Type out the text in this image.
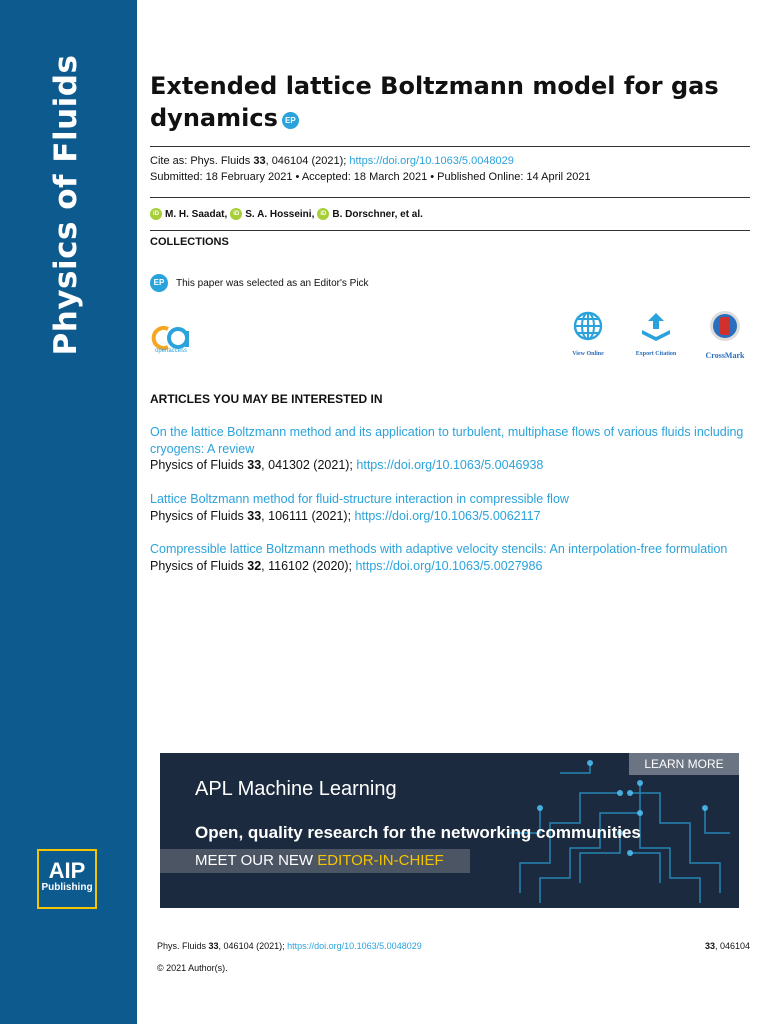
Physics of Fluids
AIP
Publishing
Extended lattice Boltzmann model for gas
dynamics EP
Cite as: Phys. Fluids 33, 046104 (2021); https://doi.org/10.1063/5.0048029
Submitted: 18 February 2021 • Accepted: 18 March 2021 • Published Online: 14 April 2021
iD M. H. Saadat,	iD S. A. Hosseini,	iD B. Dorschner, et al.
COLLECTIONS
EP	This paper was selected as an Editor's Pick
openaccess	View Online	Export Citation	CrossMark
ARTICLES YOU MAY BE INTERESTED IN
On the lattice Boltzmann method and its application to turbulent, multiphase flows of various fluids including cryogens: A review
Physics of Fluids 33, 041302 (2021); https://doi.org/10.1063/5.0046938
Lattice Boltzmann method for fluid-structure interaction in compressible flow
Physics of Fluids 33, 106111 (2021); https://doi.org/10.1063/5.0062117
Compressible lattice Boltzmann methods with adaptive velocity stencils: An interpolation-free formulation
Physics of Fluids 32, 116102 (2020); https://doi.org/10.1063/5.0027986
LEARN MORE
APL Machine Learning
Open, quality research for the networking communities
MEET OUR NEW EDITOR-IN-CHIEF
Phys. Fluids 33, 046104 (2021); https://doi.org/10.1063/5.0048029	33, 046104
© 2021 Author(s).
